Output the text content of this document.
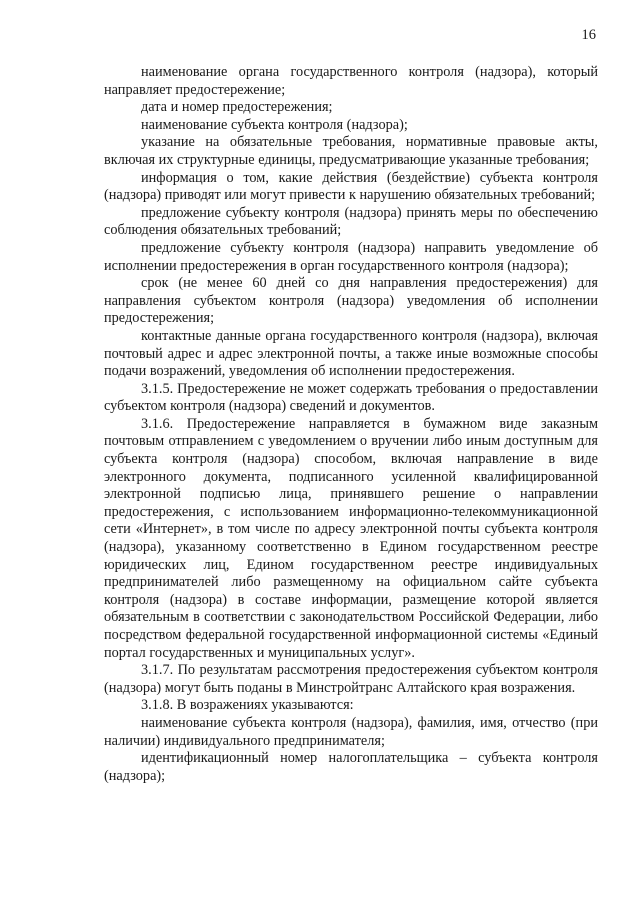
16

наименование органа государственного контроля (надзора), который направляет предостережение;

дата и номер предостережения;

наименование субъекта контроля (надзора);

указание на обязательные требования, нормативные правовые акты, включая их структурные единицы, предусматривающие указанные требования;

информация о том, какие действия (бездействие) субъекта контроля (надзора) приводят или могут привести к нарушению обязательных требований;

предложение субъекту контроля (надзора) принять меры по обеспечению соблюдения обязательных требований;

предложение субъекту контроля (надзора) направить уведомление об исполнении предостережения в орган государственного контроля (надзора);

срок (не менее 60 дней со дня направления предостережения) для направления субъектом контроля (надзора) уведомления об исполнении предостережения;

контактные данные органа государственного контроля (надзора), включая почтовый адрес и адрес электронной почты, а также иные возможные способы подачи возражений, уведомления об исполнении предостережения.

3.1.5. Предостережение не может содержать требования о предоставлении субъектом контроля (надзора) сведений и документов.

3.1.6. Предостережение направляется в бумажном виде заказным почтовым отправлением с уведомлением о вручении либо иным доступным для субъекта контроля (надзора) способом, включая направление в виде электронного документа, подписанного усиленной квалифицированной электронной подписью лица, принявшего решение о направлении предостережения, с использованием информационно-телекоммуникационной сети «Интернет», в том числе по адресу электронной почты субъекта контроля (надзора), указанному соответственно в Едином государственном реестре юридических лиц, Едином государственном реестре индивидуальных предпринимателей либо размещенному на официальном сайте субъекта контроля (надзора) в составе информации, размещение которой является обязательным в соответствии с законодательством Российской Федерации, либо посредством федеральной государственной информационной системы «Единый портал государственных и муниципальных услуг».

3.1.7. По результатам рассмотрения предостережения субъектом контроля (надзора) могут быть поданы в Минстройтранс Алтайского края возражения.

3.1.8. В возражениях указываются:

наименование субъекта контроля (надзора), фамилия, имя, отчество (при наличии) индивидуального предпринимателя;

идентификационный номер налогоплательщика – субъекта контроля (надзора);
